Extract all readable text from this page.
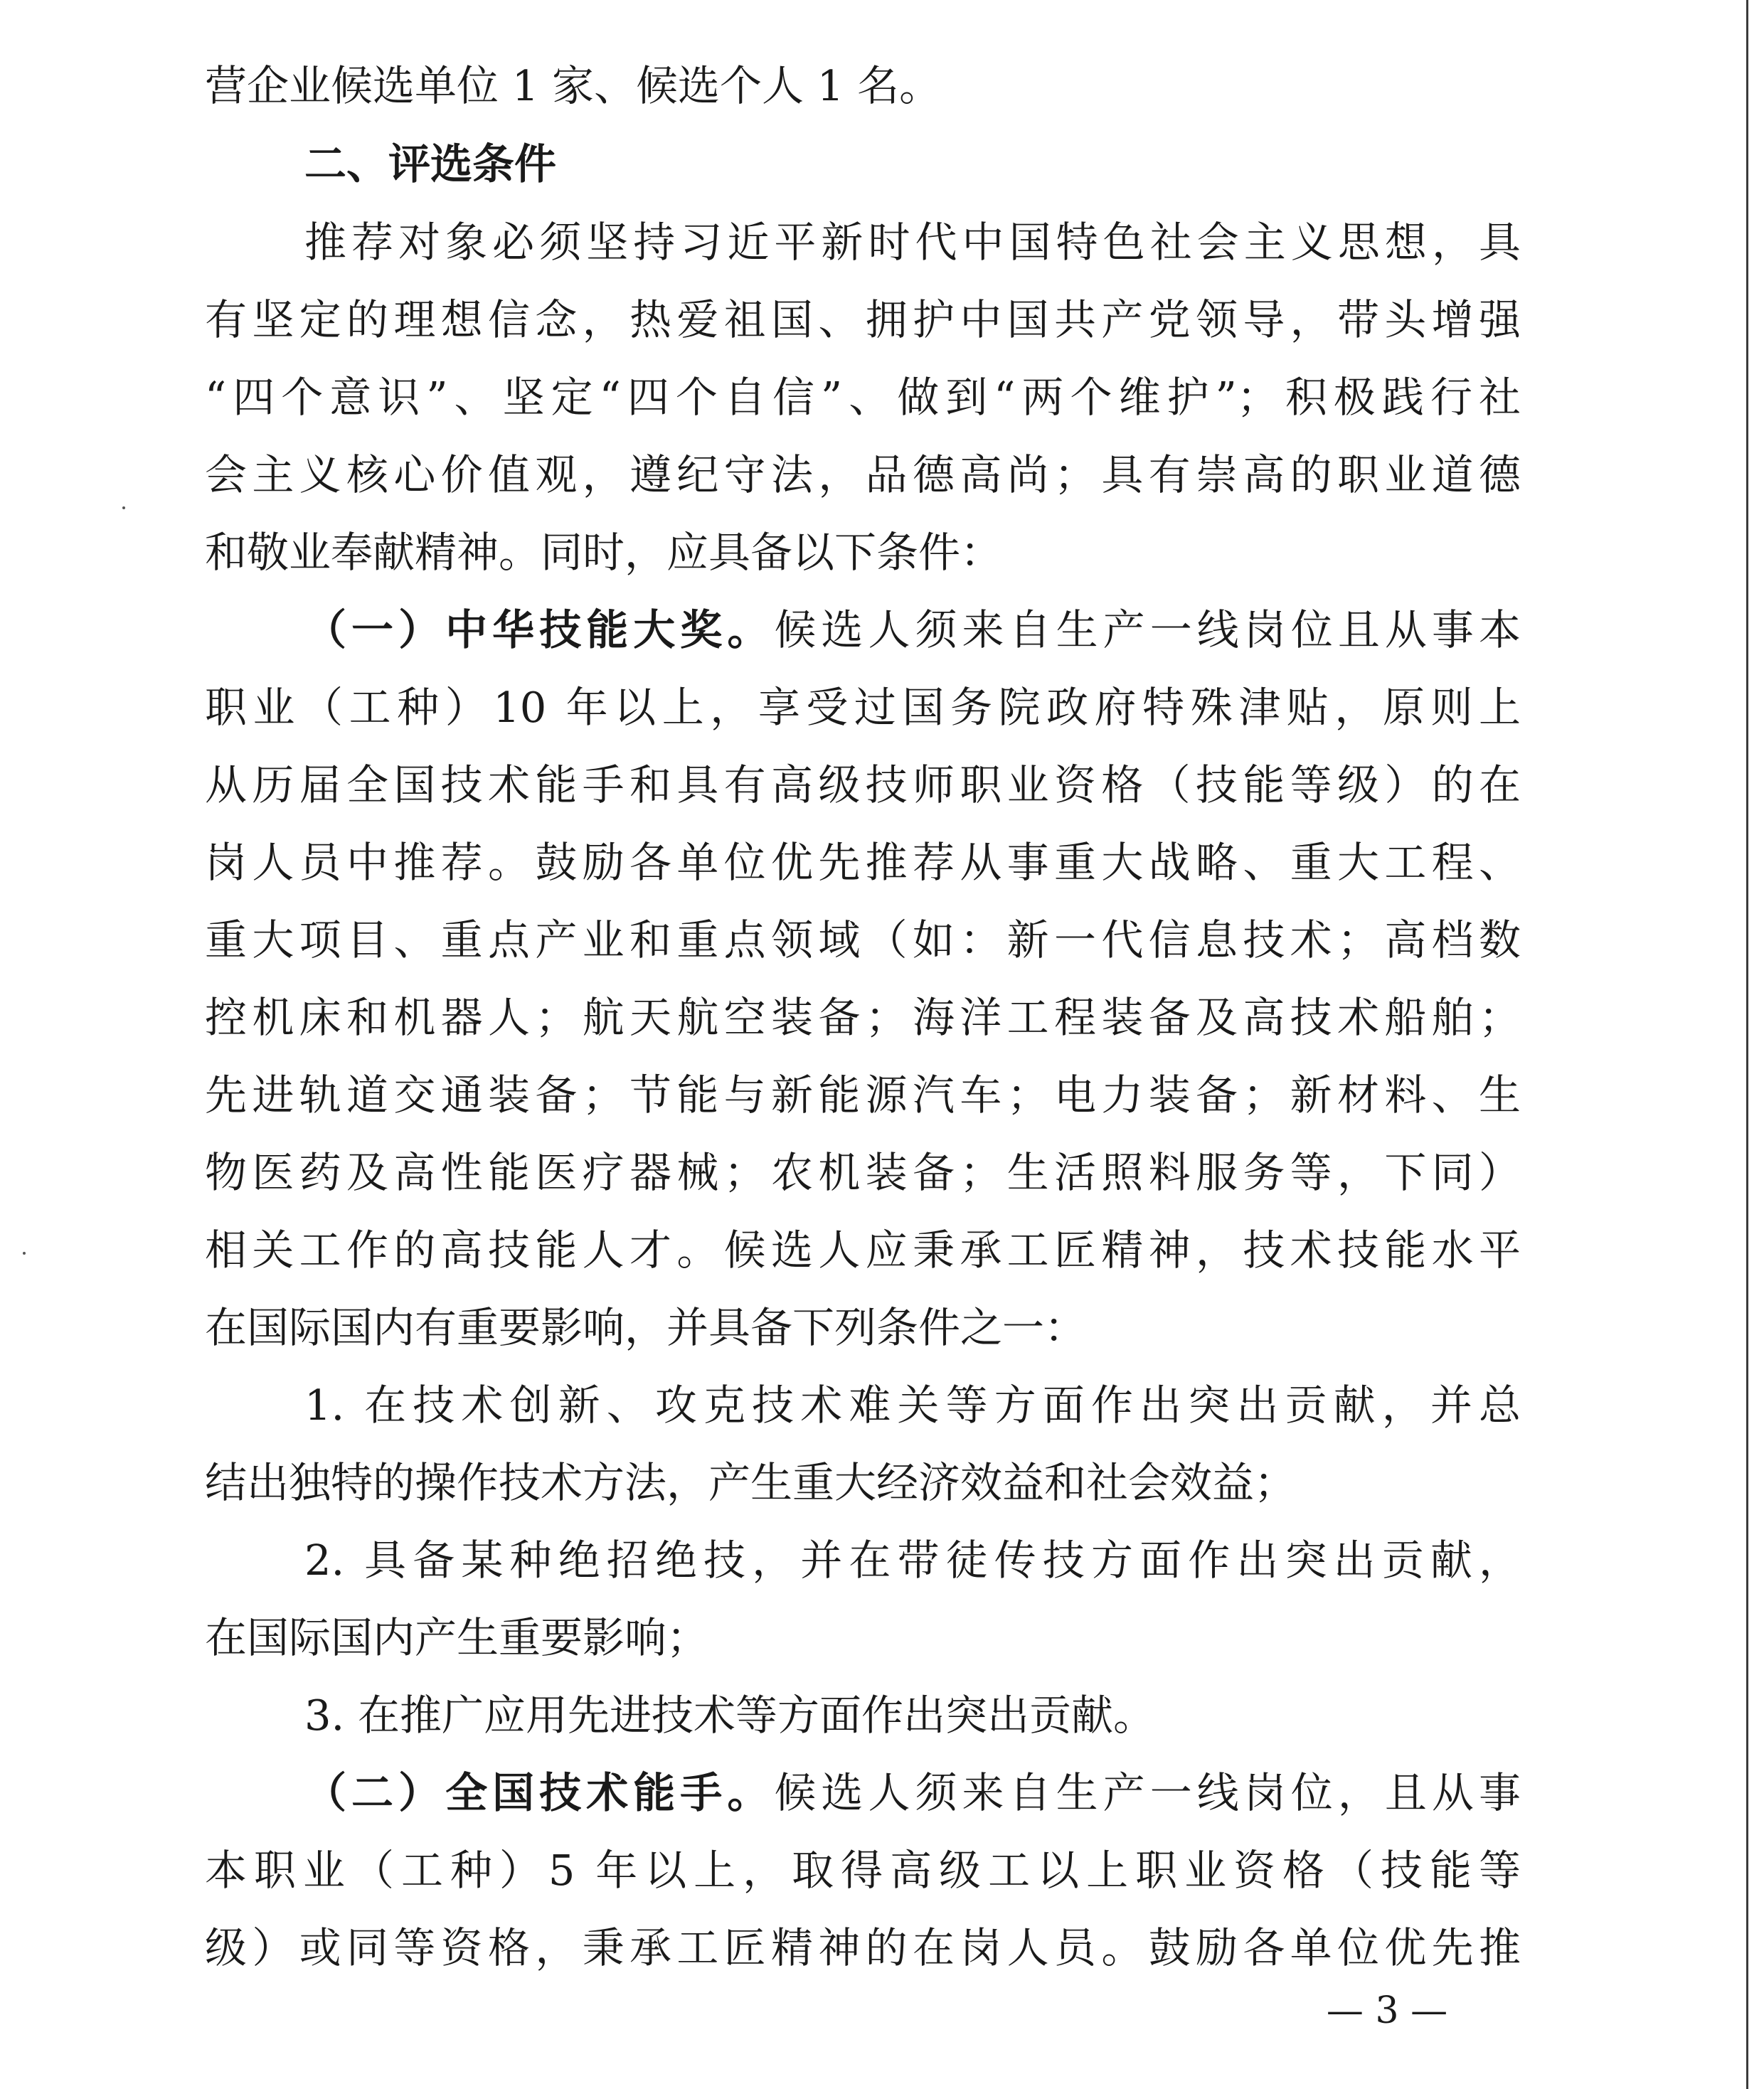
营企业候选单位 1 家、候选个人 1 名。
二、评选条件
推荐对象必须坚持习近平新时代中国特色社会主义思想，具
有坚定的理想信念，热爱祖国、拥护中国共产党领导，带头增强
“四个意识”、坚定“四个自信”、做到“两个维护”；积极践行社
会主义核心价值观，遵纪守法，品德高尚；具有崇高的职业道德
和敬业奉献精神。同时，应具备以下条件：
（一）中华技能大奖。候选人须来自生产一线岗位且从事本
职业（工种）10 年以上，享受过国务院政府特殊津贴，原则上
从历届全国技术能手和具有高级技师职业资格（技能等级）的在
岗人员中推荐。鼓励各单位优先推荐从事重大战略、重大工程、
重大项目、重点产业和重点领域（如：新一代信息技术；高档数
控机床和机器人；航天航空装备；海洋工程装备及高技术船舶；
先进轨道交通装备；节能与新能源汽车；电力装备；新材料、生
物医药及高性能医疗器械；农机装备；生活照料服务等，下同）
相关工作的高技能人才。候选人应秉承工匠精神，技术技能水平
在国际国内有重要影响，并具备下列条件之一：
1. 在技术创新、攻克技术难关等方面作出突出贡献，并总
结出独特的操作技术方法，产生重大经济效益和社会效益；
2. 具备某种绝招绝技，并在带徒传技方面作出突出贡献，
在国际国内产生重要影响；
3. 在推广应用先进技术等方面作出突出贡献。
（二）全国技术能手。候选人须来自生产一线岗位，且从事
本职业（工种）5 年以上，取得高级工以上职业资格（技能等
级）或同等资格，秉承工匠精神的在岗人员。鼓励各单位优先推
— 3 —
